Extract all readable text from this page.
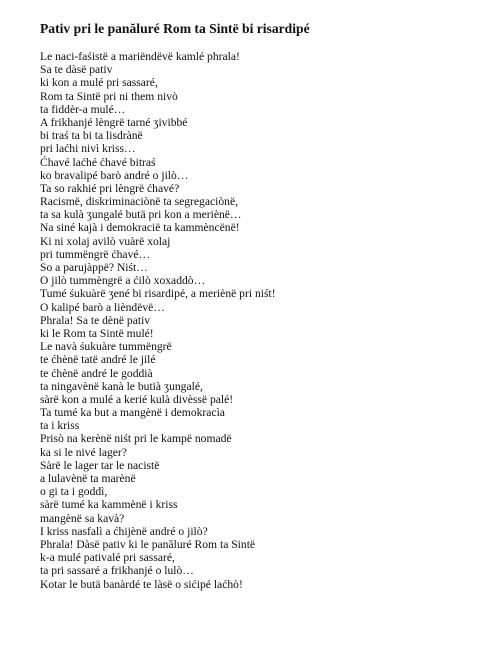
Pativ pri le panăluré Rom ta Sintë bi risardipé
Le naci-faśistë a mariëndëvë kamlé phrala!
Sa te dàsë pativ
ki kon a mulé pri sassaré,
Rom ta Sintë pri ni them nivò
ta fiddèr-a mulé…
A frikhanjé lèngrë tarné ʒivibbé
bi traś ta bi ta lisdrànë
pri laćhi nivì kriss…
Ćhavé laćhé ćhavé bitraś
ko bravalipé barò andré o jilò…
Ta so rakhié pri lèngrë ćhavé?
Racismë, diskriminaciònë ta segregaciònë,
ta sa kulà ʒungalé butä pri kon a meriènë…
Na siné kajà i demokracië ta kammèncënë!
Ki ni xolaj avilò vuàrë xolaj
pri tummëngrë ćhavé…
So a parujàppë? Niśt…
O jilò tummèngrë a ćilò xoxaddò…
Tumé śukuàrë ʒené bi risardipé, a meriènë pri niśt!
O kalipé barò a lièndëvë…
Phrala! Sa te dènë pativ
ki le Rom ta Sintë mulé!
Le navà śukuàre tummëngrë
te ćhènë tatë andré le jilé
te ćhènë andré le goddià
ta ningavènë kanà le butià ʒungalé,
sàrë kon a mulé a kerié kulà divèssë palé!
Ta tumé ka but a mangènë i demokracìa
ta i kriss
Prisò na kerènë niśt pri le kampë nomadë
ka si le nivé lager?
Sàrë le lager tar le nacistë
a lulavènë ta marènë
o gi ta i goddì,
sàrë tumé ka kammènë i kriss
mangènë sa kavà?
I kriss nasfalì a ćhijènë andré o jilò?
Phrala! Dàsë pativ ki le panăluré Rom ta Sintë
k-a mulé pativalé pri sassaré,
ta pri sassaré a frikhanjé o lulò…
Kotar le butä banàrdé te làsë o sićipé laćhò!
